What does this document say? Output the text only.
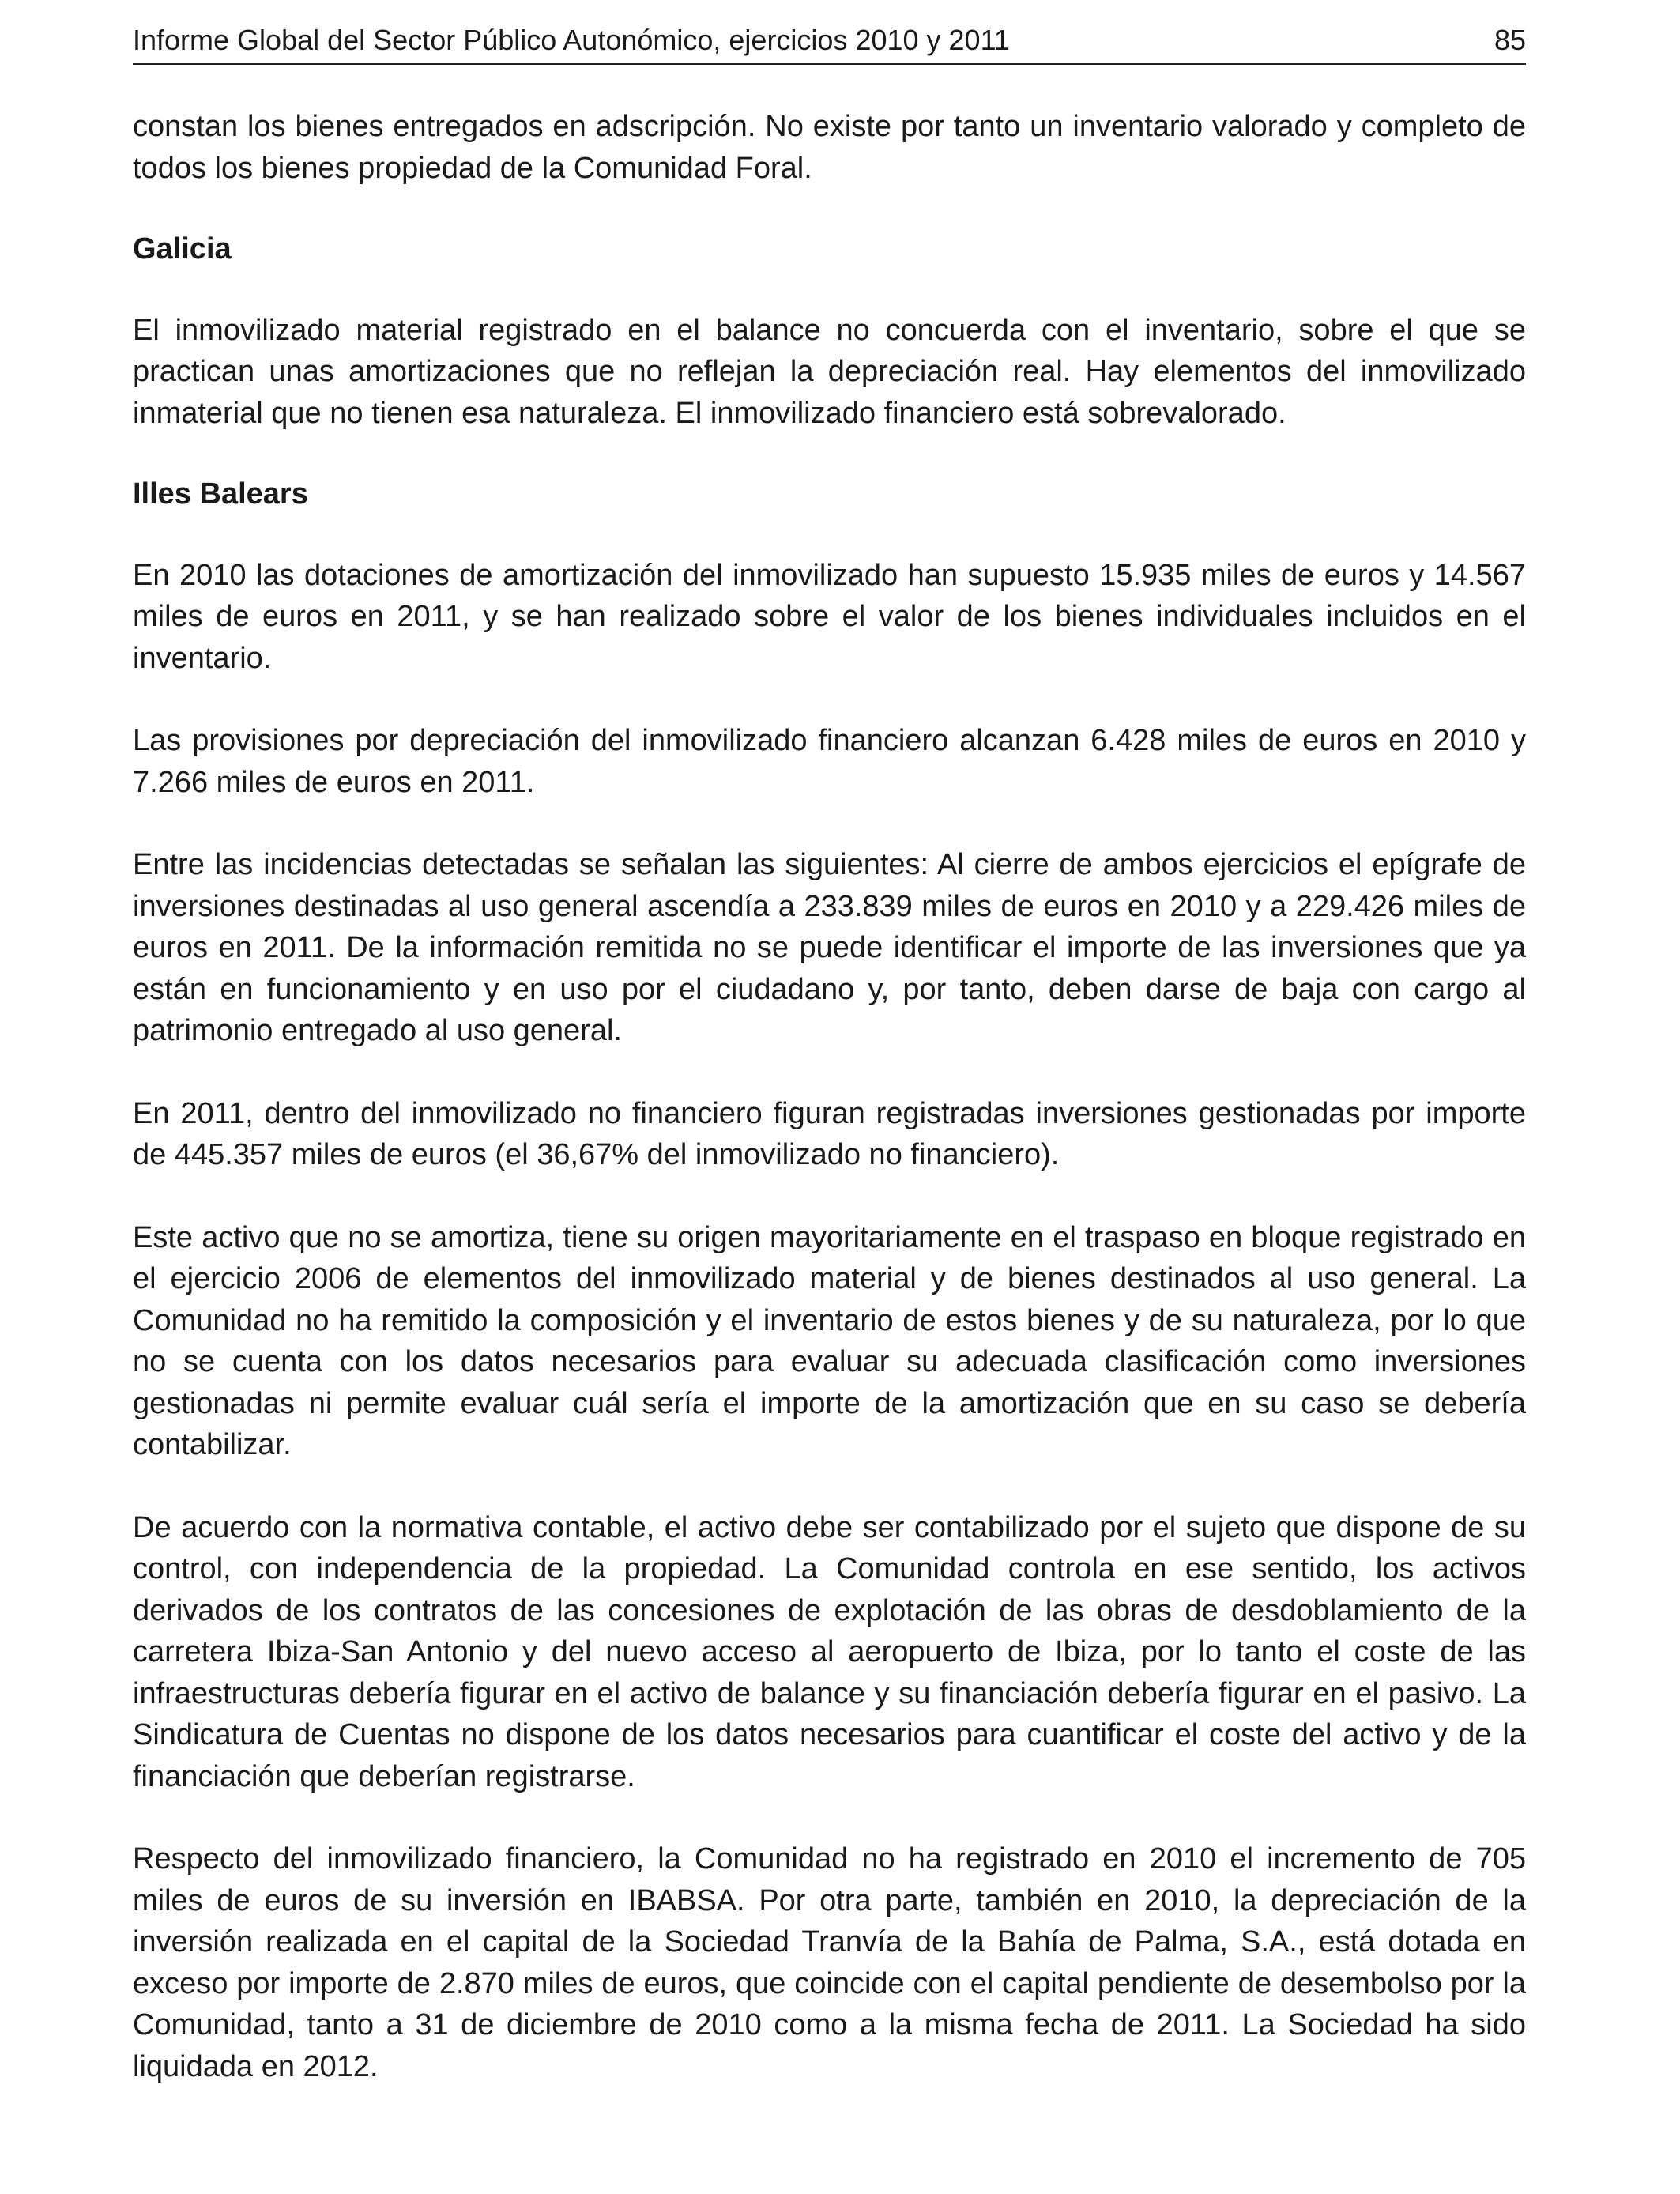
Informe Global del Sector Público Autonómico, ejercicios 2010 y 2011	85

constan los bienes entregados en adscripción. No existe por tanto un inventario valorado y completo de todos los bienes propiedad de la Comunidad Foral.

Galicia

El inmovilizado material registrado en el balance no concuerda con el inventario, sobre el que se practican unas amortizaciones que no reflejan la depreciación real. Hay elementos del inmovilizado inmaterial que no tienen esa naturaleza. El inmovilizado financiero está sobrevalorado.

Illes Balears

En 2010 las dotaciones de amortización del inmovilizado han supuesto 15.935 miles de euros y 14.567 miles de euros en 2011, y se han realizado sobre el valor de los bienes individuales incluidos en el inventario.

Las provisiones por depreciación del inmovilizado financiero alcanzan 6.428 miles de euros en 2010 y 7.266 miles de euros en 2011.

Entre las incidencias detectadas se señalan las siguientes: Al cierre de ambos ejercicios el epígrafe de inversiones destinadas al uso general ascendía a 233.839 miles de euros en 2010 y a 229.426 miles de euros en 2011. De la información remitida no se puede identificar el importe de las inversiones que ya están en funcionamiento y en uso por el ciudadano y, por tanto, deben darse de baja con cargo al patrimonio entregado al uso general.

En 2011, dentro del inmovilizado no financiero figuran registradas inversiones gestionadas por importe de 445.357 miles de euros (el 36,67% del inmovilizado no financiero).

Este activo que no se amortiza, tiene su origen mayoritariamente en el traspaso en bloque registrado en el ejercicio 2006 de elementos del inmovilizado material y de bienes destinados al uso general. La Comunidad no ha remitido la composición y el inventario de estos bienes y de su naturaleza, por lo que no se cuenta con los datos necesarios para evaluar su adecuada clasificación como inversiones gestionadas ni permite evaluar cuál sería el importe de la amortización que en su caso se debería contabilizar.

De acuerdo con la normativa contable, el activo debe ser contabilizado por el sujeto que dispone de su control, con independencia de la propiedad. La Comunidad controla en ese sentido, los activos derivados de los contratos de las concesiones de explotación de las obras de desdoblamiento de la carretera Ibiza-San Antonio y del nuevo acceso al aeropuerto de Ibiza, por lo tanto el coste de las infraestructuras debería figurar en el activo de balance y su financiación debería figurar en el pasivo. La Sindicatura de Cuentas no dispone de los datos necesarios para cuantificar el coste del activo y de la financiación que deberían registrarse.

Respecto del inmovilizado financiero, la Comunidad no ha registrado en 2010 el incremento de 705 miles de euros de su inversión en IBABSA. Por otra parte, también en 2010, la depreciación de la inversión realizada en el capital de la Sociedad Tranvía de la Bahía de Palma, S.A., está dotada en exceso por importe de 2.870 miles de euros, que coincide con el capital pendiente de desembolso por la Comunidad, tanto a 31 de diciembre de 2010 como a la misma fecha de 2011. La Sociedad ha sido liquidada en 2012.
